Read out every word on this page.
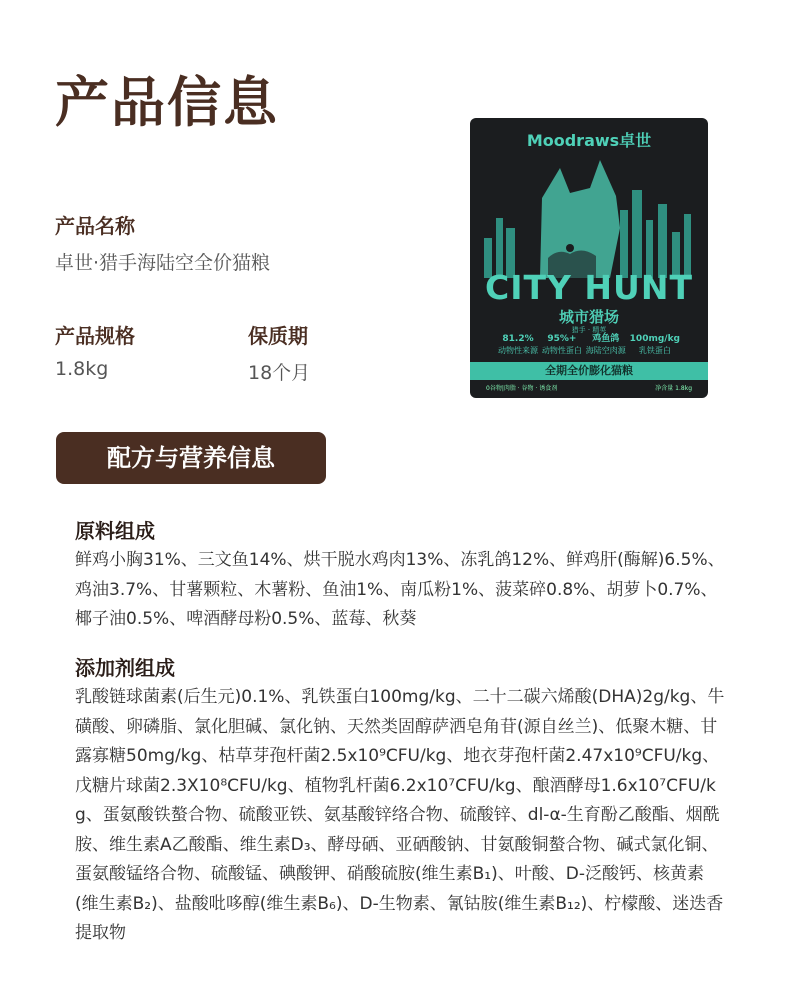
产品信息
产品名称
卓世·猎手海陆空全价猫粮
产品规格
1.8kg
保质期
18个月
Moodraws卓世
CITY HUNT
城市猎场
猎手 · 精英
81.2%
动物性来源
95%+
动物性蛋白
鸡鱼鸽
海陆空肉源
100mg/kg
乳铁蛋白
全期全价膨化猫粮
0谷物|肉脂 · 谷物 · 诱食剂	净含量 1.8kg
配方与营养信息
原料组成

鲜鸡小胸31%、三文鱼14%、烘干脱水鸡肉13%、冻乳鸽12%、鲜鸡肝(酶解)6.5%、鸡油3.7%、甘薯颗粒、木薯粉、鱼油1%、南瓜粉1%、菠菜碎0.8%、胡萝卜0.7%、椰子油0.5%、啤酒酵母粉0.5%、蓝莓、秋葵

添加剂组成

乳酸链球菌素(后生元)0.1%、乳铁蛋白100mg/kg、二十二碳六烯酸(DHA)2g/kg、牛磺酸、卵磷脂、氯化胆碱、氯化钠、天然类固醇萨洒皂角苷(源自丝兰)、低聚木糖、甘露寡糖50mg/kg、枯草芽孢杆菌2.5x10⁹CFU/kg、地衣芽孢杆菌2.47x10⁹CFU/kg、戊糖片球菌2.3X10⁸CFU/kg、植物乳杆菌6.2x10⁷CFU/kg、酿酒酵母1.6x10⁷CFU/kg、蛋氨酸铁螯合物、硫酸亚铁、氨基酸锌络合物、硫酸锌、dl-α-生育酚乙酸酯、烟酰胺、维生素A乙酸酯、维生素D₃、酵母硒、亚硒酸钠、甘氨酸铜螯合物、碱式氯化铜、蛋氨酸锰络合物、硫酸锰、碘酸钾、硝酸硫胺(维生素B₁)、叶酸、D-泛酸钙、核黄素(维生素B₂)、盐酸吡哆醇(维生素B₆)、D-生物素、氰钴胺(维生素B₁₂)、柠檬酸、迷迭香提取物
